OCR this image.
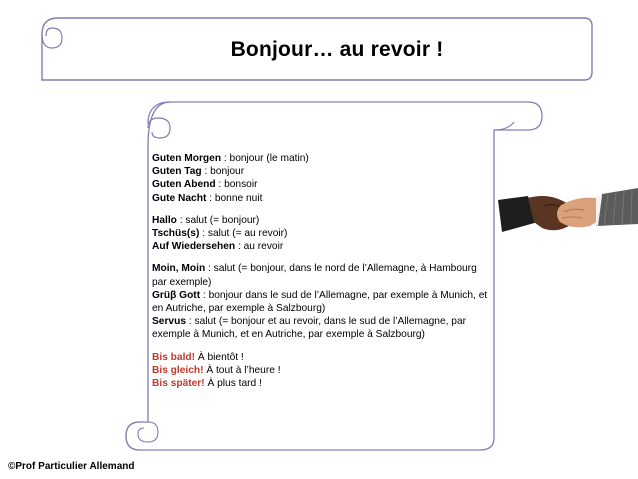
Bonjour… au revoir !

Guten Morgen : bonjour (le matin)

Guten Tag : bonjour

Guten Abend : bonsoir

Gute Nacht : bonne nuit

Hallo : salut (= bonjour)

Tschüs(s) : salut (= au revoir)

Auf Wiedersehen : au revoir

Moin, Moin : salut (= bonjour, dans le nord de l’Allemagne, à Hambourg par exemple)

Grüβ Gott : bonjour dans le sud de l’Allemagne, par exemple à Munich, et en Autriche, par exemple à Salzbourg)

Servus : salut (= bonjour et au revoir, dans le sud de l’Allemagne, par exemple à Munich, et en Autriche, par exemple à Salzbourg)

Bis bald! À bientôt !

Bis gleich! À tout à l’heure !

Bis später! À plus tard !

©Prof Particulier Allemand
